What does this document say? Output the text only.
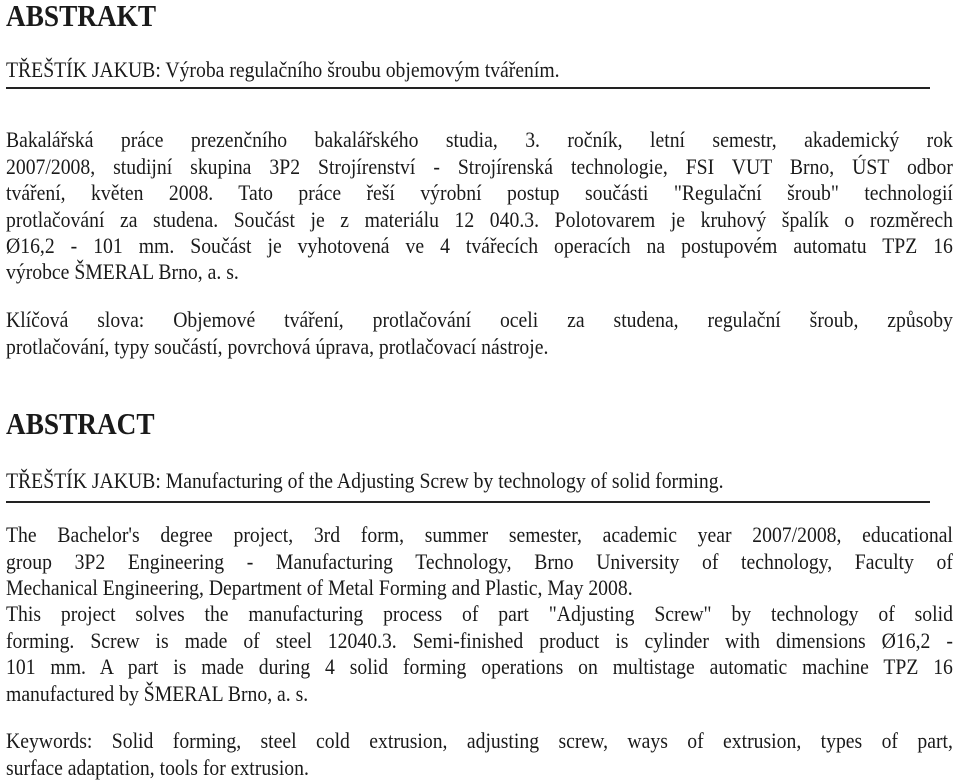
ABSTRAKT
TŘEŠTÍK JAKUB: Výroba regulačního šroubu objemovým tvářením.
Bakalářská práce prezenčního bakalářského studia, 3. ročník, letní semestr, akademický rok
2007/2008, studijní skupina 3P2 Strojírenství - Strojírenská technologie, FSI VUT Brno, ÚST odbor
tváření, květen 2008. Tato práce řeší výrobní postup součásti "Regulační šroub" technologií
protlačování za studena. Součást je z materiálu 12 040.3. Polotovarem je kruhový špalík o rozměrech
Ø16,2 - 101 mm. Součást je vyhotovená ve 4 tvářecích operacích na postupovém automatu TPZ 16
výrobce ŠMERAL Brno, a. s.
Klíčová slova: Objemové tváření, protlačování oceli za studena, regulační šroub, způsoby
protlačování, typy součástí, povrchová úprava, protlačovací nástroje.
ABSTRACT
TŘEŠTÍK JAKUB: Manufacturing of the Adjusting Screw by technology of solid forming.
The Bachelor's degree project, 3rd form, summer semester, academic year 2007/2008, educational
group 3P2 Engineering - Manufacturing Technology, Brno University of technology, Faculty of
Mechanical Engineering, Department of Metal Forming and Plastic, May 2008.
This project solves the manufacturing process of part "Adjusting Screw" by technology of solid
forming. Screw is made of steel 12040.3. Semi-finished product is cylinder with dimensions Ø16,2 -
101 mm. A part is made during 4 solid forming operations on multistage automatic machine TPZ 16
manufactured by ŠMERAL Brno, a. s.
Keywords: Solid forming, steel cold extrusion, adjusting screw, ways of extrusion, types of part,
surface adaptation, tools for extrusion.
